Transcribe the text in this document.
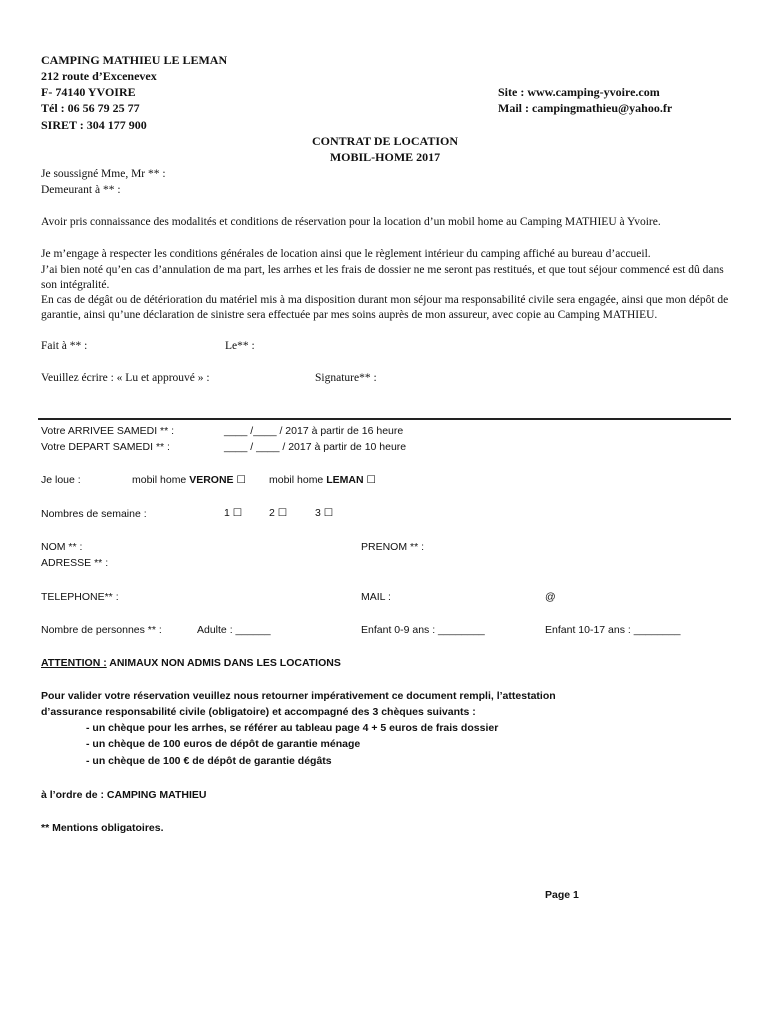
CAMPING MATHIEU LE LEMAN
212 route d’Excenevex
F- 74140 YVOIRE
Tél : 06 56 79 25 77
SIRET : 304 177 900
Site : www.camping-yvoire.com
Mail : campingmathieu@yahoo.fr
CONTRAT DE LOCATION
MOBIL-HOME 2017
Je soussigné Mme, Mr ** :
Demeurant à ** :
Avoir pris connaissance des modalités et conditions de réservation pour la location d’un mobil home au Camping MATHIEU à Yvoire.
Je m’engage à respecter les conditions générales de location ainsi que le règlement intérieur du camping affiché au bureau d’accueil.
J’ai bien noté qu’en cas d’annulation de ma part, les arrhes et les frais de dossier ne me seront pas restitués, et que tout séjour commencé est dû dans son intégralité.
En cas de dégât ou de détérioration du matériel mis à ma disposition durant mon séjour ma responsabilité civile sera engagée, ainsi que mon dépôt de garantie, ainsi qu’une déclaration de sinistre sera effectuée par mes soins auprès de mon assureur, avec copie au Camping MATHIEU.
Fait à ** :	Le** :
Veuillez écrire : « Lu et approuvé » :	Signature** :
Votre ARRIVEE SAMEDI ** :	____ /____ / 2017 à partir de 16 heure
Votre DEPART SAMEDI ** :	____ / ____ / 2017 à partir de 10 heure
Je loue :	mobil home VERONE ☐ mobil home LEMAN ☐
Nombres de semaine :	1 ☐	2 ☐	3 ☐
NOM ** :	PRENOM ** :
ADRESSE ** :
TELEPHONE** :	MAIL :	@
Nombre de personnes ** :	Adulte : ______	Enfant 0-9 ans : ________	Enfant 10-17 ans : ________
ATTENTION : ANIMAUX NON ADMIS DANS LES LOCATIONS
Pour valider votre réservation veuillez nous retourner impérativement ce document rempli, l’attestation
d’assurance responsabilité civile (obligatoire) et accompagné des 3 chèques suivants :
- un chèque pour les arrhes, se référer au tableau page 4 + 5 euros de frais dossier
- un chèque de 100 euros de dépôt de garantie ménage
- un chèque de 100 € de dépôt de garantie dégâts
à l’ordre de : CAMPING MATHIEU
** Mentions obligatoires.
Page 1
